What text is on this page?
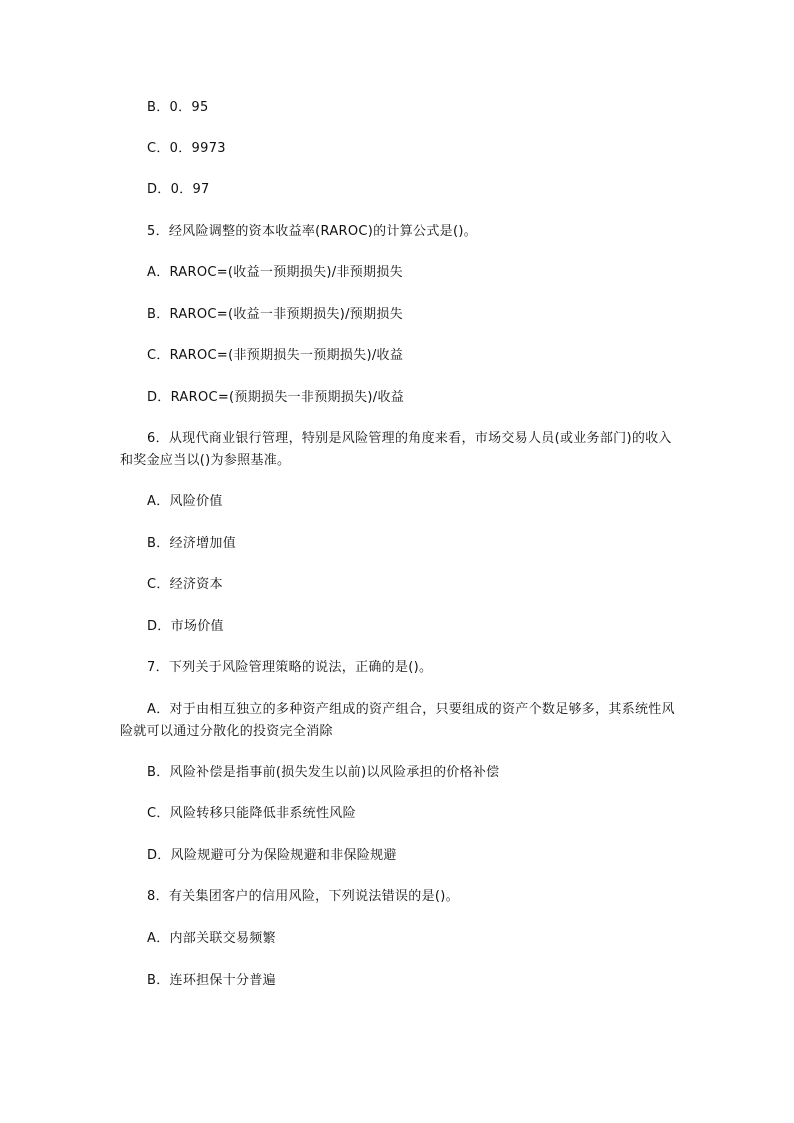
B．0．95
C．0．9973
D．0．97
5．经风险调整的资本收益率(RAROC)的计算公式是()。
A．RAROC=(收益一预期损失)/非预期损失
B．RAROC=(收益一非预期损失)/预期损失
C．RAROC=(非预期损失一预期损失)/收益
D．RAROC=(预期损失一非预期损失)/收益
6．从现代商业银行管理，特别是风险管理的角度来看，市场交易人员(或业务部门)的收入和奖金应当以()为参照基准。
A．风险价值
B．经济增加值
C．经济资本
D．市场价值
7．下列关于风险管理策略的说法，正确的是()。
A．对于由相互独立的多种资产组成的资产组合，只要组成的资产个数足够多，其系统性风险就可以通过分散化的投资完全消除
B．风险补偿是指事前(损失发生以前)以风险承担的价格补偿
C．风险转移只能降低非系统性风险
D．风险规避可分为保险规避和非保险规避
8．有关集团客户的信用风险，下列说法错误的是()。
A．内部关联交易频繁
B．连环担保十分普遍
